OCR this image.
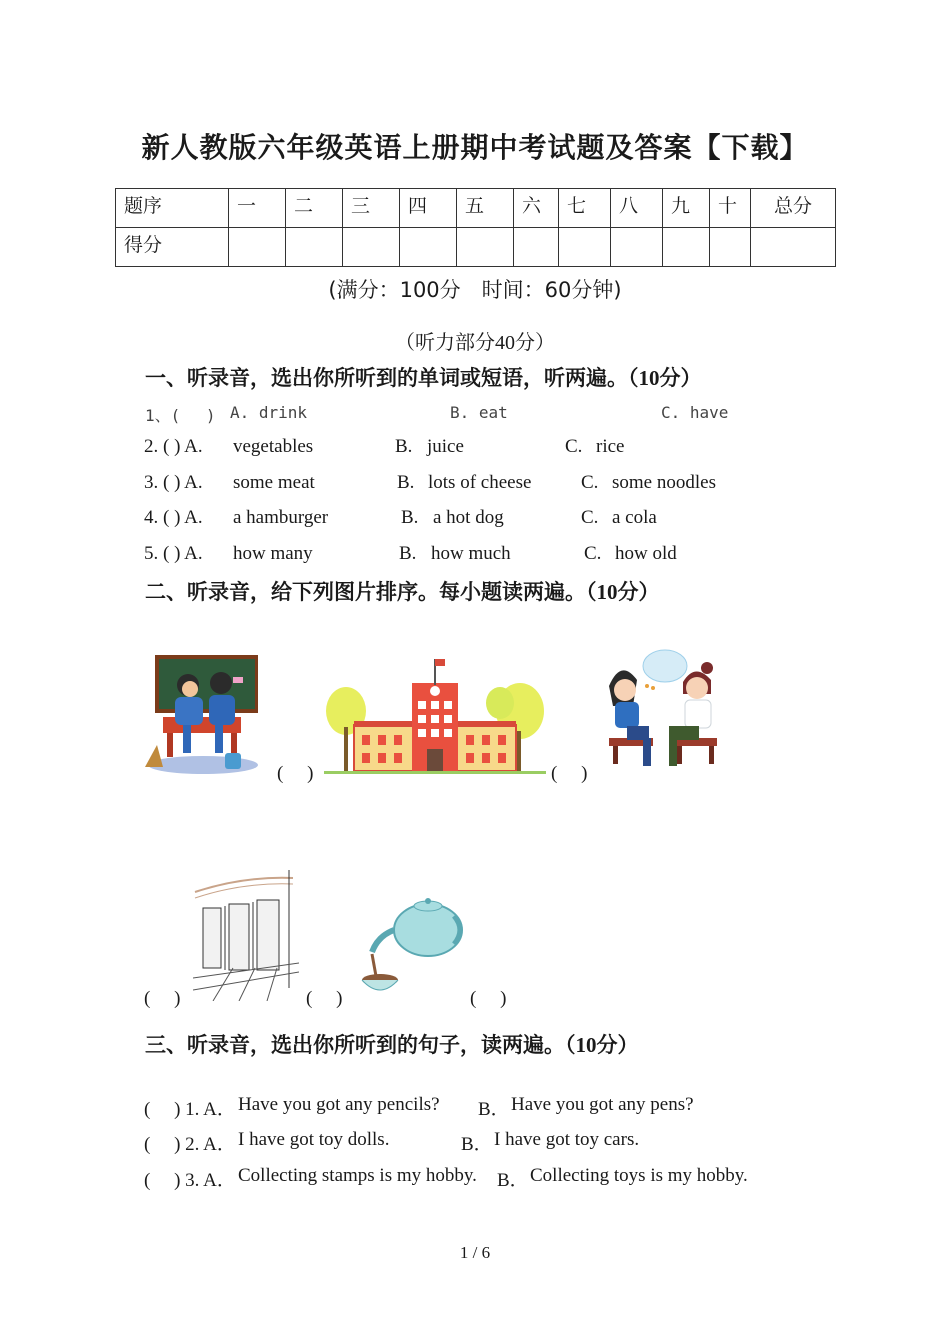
新人教版六年级英语上册期中考试题及答案【下载】
题序	一	二	三	四	五	六	七	八	九	十	总分
得分											
(满分：100分　时间：60分钟)
（听力部分40分）
一、听录音，选出你所听到的单词或短语，听两遍。（10分）
1、(　 ) A. drink	B. eat	C. have
2. ( ) A. vegetables	B. juice	C. rice
3. ( ) A. some meat	B. lots of cheese	C. some noodles
4. ( ) A. a hamburger	B. a hot dog	C. a cola
5. ( ) A. how many	B. how much	C. how old
二、听录音，给下列图片排序。每小题读两遍。（10分）
(　 )	(　 )
(　 )	(　 )	(　 )
三、听录音，选出你所听到的句子，读两遍。（10分）
(　 ) 1. A． Have you got any pencils? B． Have you got any pens?
(　 ) 2. A． I have got toy dolls.	B． I have got toy cars.
(　 ) 3. A． Collecting stamps is my hobby. B． Collecting toys is my hobby.
1 / 6
